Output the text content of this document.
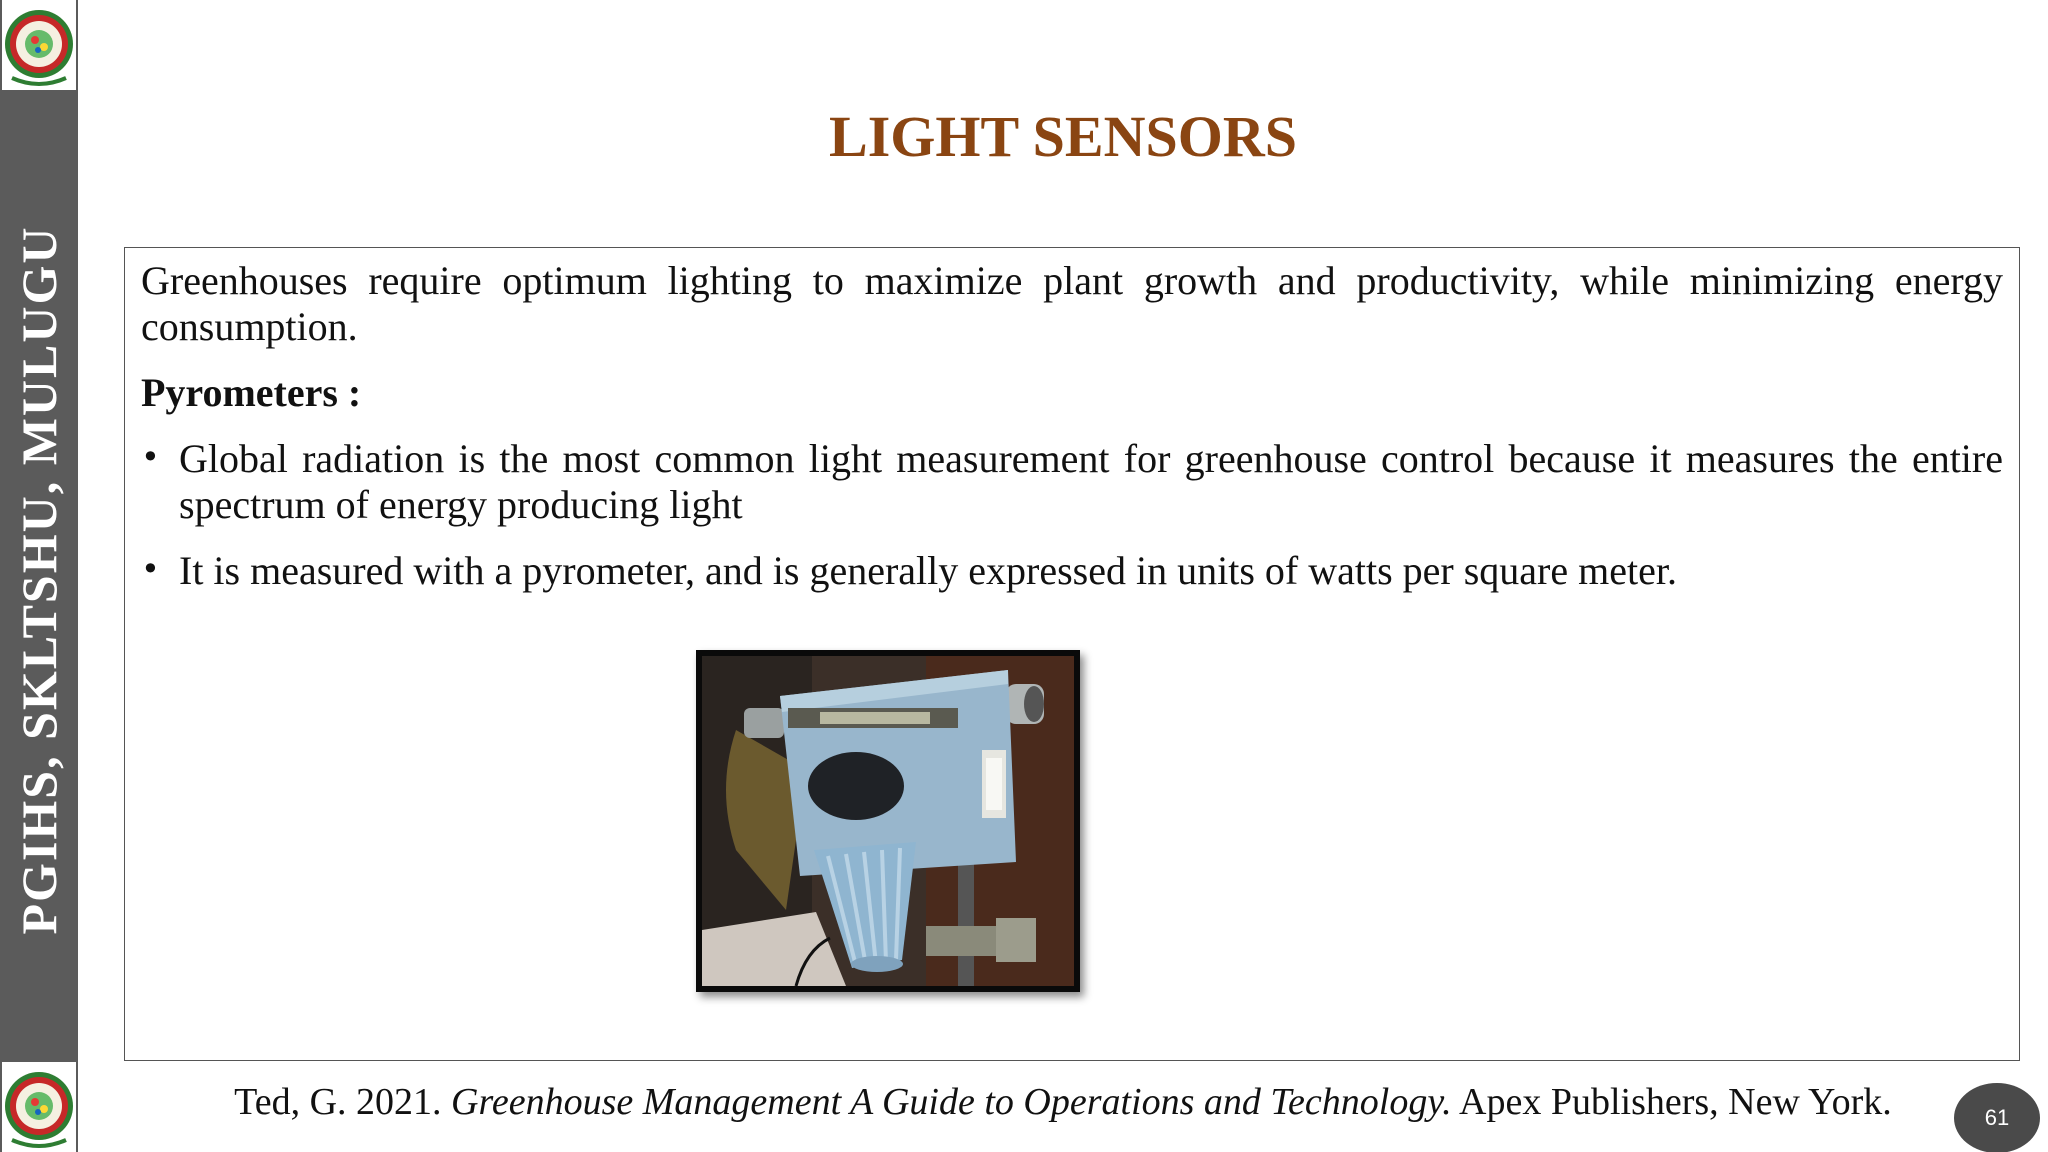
PGIHS, SKLTSHU, MULUGU
LIGHT SENSORS

Greenhouses require optimum lighting to maximize plant growth and productivity, while minimizing energy consumption.

Pyrometers :

• Global radiation is the most common light measurement for greenhouse control because it measures the entire spectrum of energy producing light
• It is measured with a pyrometer, and is generally expressed in units of watts per square meter.
Ted, G. 2021. Greenhouse Management A Guide to Operations and Technology. Apex Publishers, New York.	61
